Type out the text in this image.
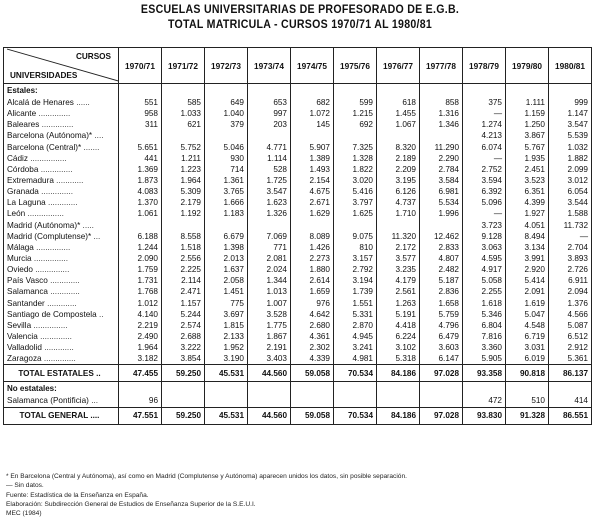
ESCUELAS UNIVERSITARIAS DE PROFESORADO DE E.G.B.
TOTAL MATRICULA - CURSOS 1970/71 AL 1980/81
CURSOS
UNIVERSIDADES	1970/71	1971/72	1972/73	1973/74	1974/75	1975/76	1976/77	1977/78	1978/79	1979/80	1980/81
Estales:											
Alcalá de Henares ......	551	585	649	653	682	599	618	858	375	1.111	999
Alicante ..............	958	1.033	1.040	997	1.072	1.215	1.455	1.316	—	1.159	1.147
Baleares ..............	311	621	379	203	145	692	1.067	1.346	1.274	1.250	3.547
Barcelona (Autónoma)* ....									4.213	3.867	5.539
Barcelona (Central)* .......	5.651	5.752	5.046	4.771	5.907	7.325	8.320	11.290	6.074	5.767	1.032
Cádiz ................	441	1.211	930	1.114	1.389	1.328	2.189	2.290	—	1.935	1.882
Córdoba ..............	1.369	1.223	714	528	1.493	1.822	2.209	2.784	2.752	2.451	2.099
Extremadura ............	1.873	1.964	1.361	1.725	2.154	3.020	3.195	3.584	3.594	3.523	3.012
Granada ..............	4.083	5.309	3.765	3.547	4.675	5.416	6.126	6.981	6.392	6.351	6.054
La Laguna .............	1.370	2.179	1.666	1.623	2.671	3.797	4.737	5.534	5.096	4.399	3.544
León ................	1.061	1.192	1.183	1.326	1.629	1.625	1.710	1.996	—	1.927	1.588
Madrid (Autónoma)* .....									3.723	4.051	11.732
Madrid (Complutense)* ...	6.188	8.558	6.679	7.069	8.089	9.075	11.320	12.462	9.128	8.494	—
Málaga ...............	1.244	1.518	1.398	771	1.426	810	2.172	2.833	3.063	3.134	2.704
Murcia ...............	2.090	2.556	2.013	2.081	2.273	3.157	3.577	4.807	4.595	3.991	3.893
Oviedo ...............	1.759	2.225	1.637	2.024	1.880	2.792	3.235	2.482	4.917	2.920	2.726
País Vasco .............	1.731	2.114	2.058	1.344	2.614	3.194	4.179	5.187	5.058	5.414	6.911
Salamanca .............	1.768	2.471	1.451	1.013	1.659	1.739	2.561	2.836	2.255	2.091	2.094
Santander .............	1.012	1.157	775	1.007	976	1.551	1.263	1.658	1.618	1.619	1.376
Santiago de Compostela ..	4.140	5.244	3.697	3.528	4.642	5.331	5.191	5.759	5.346	5.047	4.566
Sevilla ...............	2.219	2.574	1.815	1.775	2.680	2.870	4.418	4.796	6.804	4.548	5.087
Valencia ..............	2.490	2.688	2.133	1.867	4.361	4.945	6.224	6.479	7.816	6.719	6.512
Valladolid .............	1.964	3.222	1.952	2.191	2.302	3.241	3.102	3.603	3.360	3.031	2.912
Zaragoza ..............	3.182	3.854	3.190	3.403	4.339	4.981	5.318	6.147	5.905	6.019	5.361
TOTAL ESTATALES ..	47.455	59.250	45.531	44.560	59.058	70.534	84.186	97.028	93.358	90.818	86.137
No estatales:											
Salamanca (Pontificia) ...	96								472	510	414
TOTAL GENERAL ....	47.551	59.250	45.531	44.560	59.058	70.534	84.186	97.028	93.830	91.328	86.551
* En Barcelona (Central y Autónoma), así como en Madrid (Complutense y Autónoma) aparecen unidos los datos, sin posible separación.
— Sin datos.
Fuente: Estadística de la Enseñanza en España.
Elaboración: Subdirección General de Estudios de Enseñanza Superior de la S.E.U.I.
MEC (1984)
